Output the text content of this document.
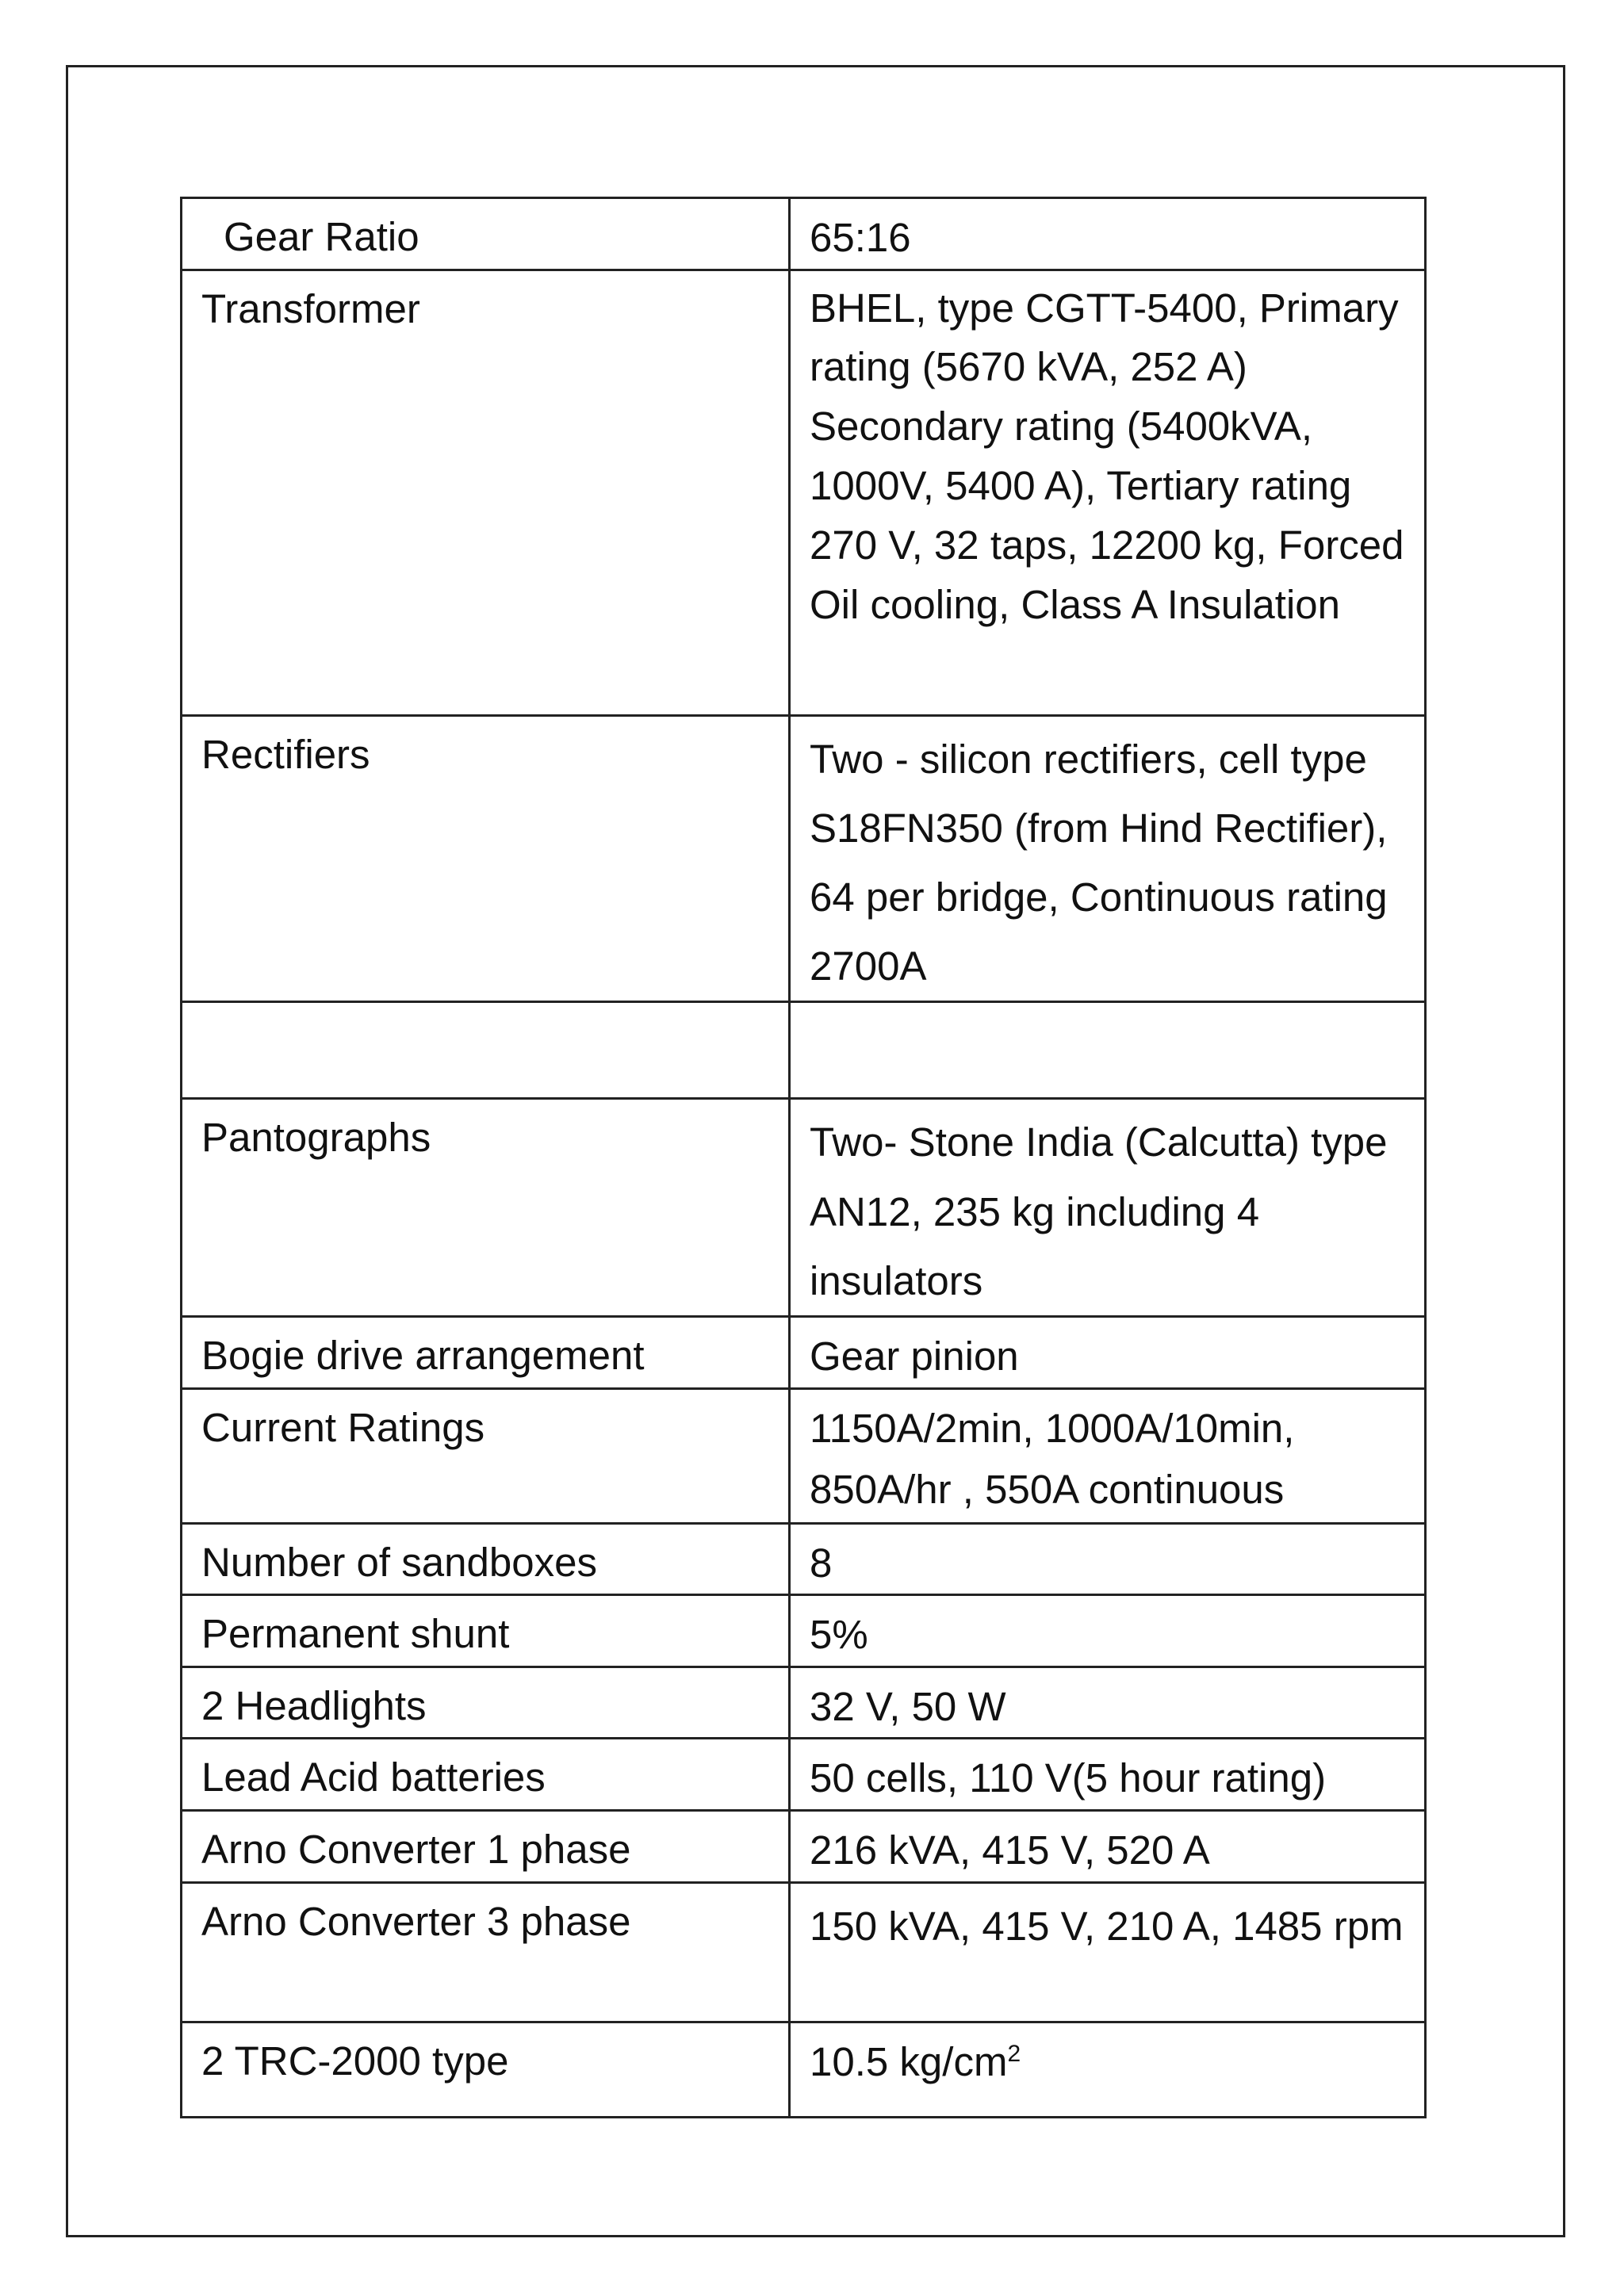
Gear Ratio	65:16
Transformer	BHEL, type CGTT-5400, Primary rating (5670 kVA, 252 A) Secondary rating (5400kVA, 1000V, 5400 A), Tertiary rating 270 V, 32 taps, 12200 kg, Forced Oil cooling, Class A Insulation
Rectifiers	Two - silicon rectifiers, cell type S18FN350 (from Hind Rectifier), 64 per bridge, Continuous rating 2700A

Pantographs	Two- Stone India (Calcutta) type AN12, 235 kg including 4 insulators
Bogie drive arrangement	Gear pinion
Current Ratings	1150A/2min, 1000A/10min, 850A/hr , 550A continuous
Number of sandboxes	8
Permanent shunt	5%
2 Headlights	32 V, 50 W
Lead Acid batteries	50 cells, 110 V(5 hour rating)
Arno Converter 1 phase	216 kVA, 415 V, 520 A
Arno Converter 3 phase	150 kVA, 415 V, 210 A, 1485 rpm
2 TRC-2000 type	10.5 $kg/cm^2$
